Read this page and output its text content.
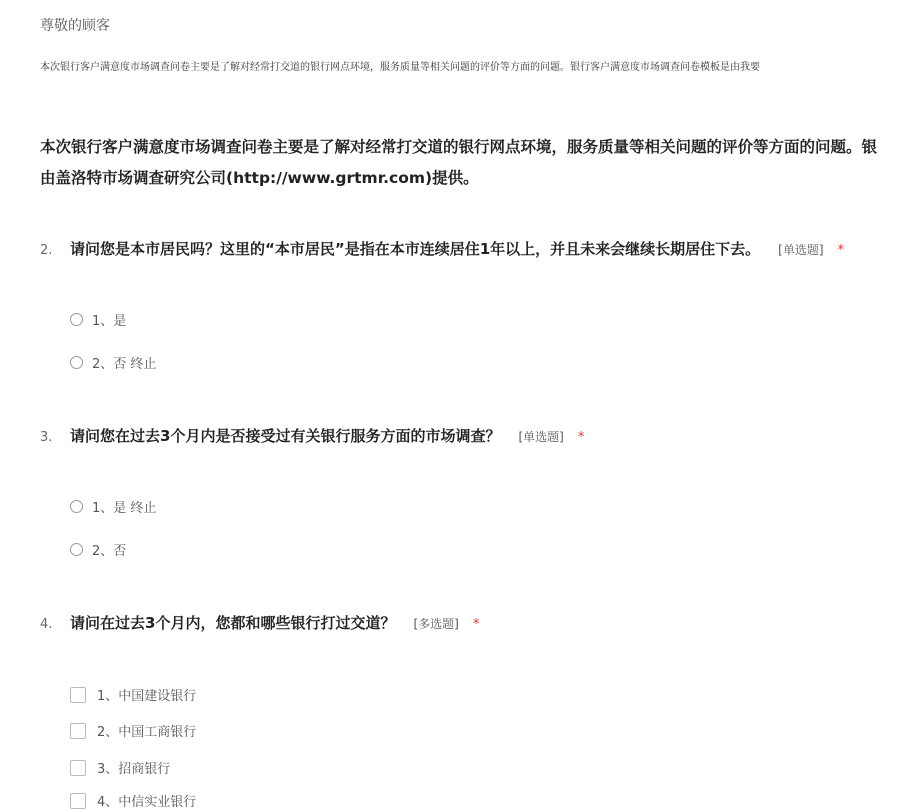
尊敬的顾客
本次银行客户满意度市场调查问卷主要是了解对经常打交道的银行网点环境，服务质量等相关问题的评价等方面的问题。银行客户满意度市场调查问卷模板是由我要
本次银行客户满意度市场调查问卷主要是了解对经常打交道的银行网点环境，服务质量等相关问题的评价等方面的问题。银
由盖洛特市场调查研究公司(http://www.grtmr.com)提供。
2. 请问您是本市居民吗？这里的“本市居民”是指在本市连续居住1年以上，并且未来会继续长期居住下去。 [单选题] *
1、是
2、否 终止
3. 请问您在过去3个月内是否接受过有关银行服务方面的市场调查？ [单选题] *
1、是 终止
2、否
4. 请问在过去3个月内，您都和哪些银行打过交道？ [多选题] *
1、中国建设银行
2、中国工商银行
3、招商银行
4、中信实业银行
